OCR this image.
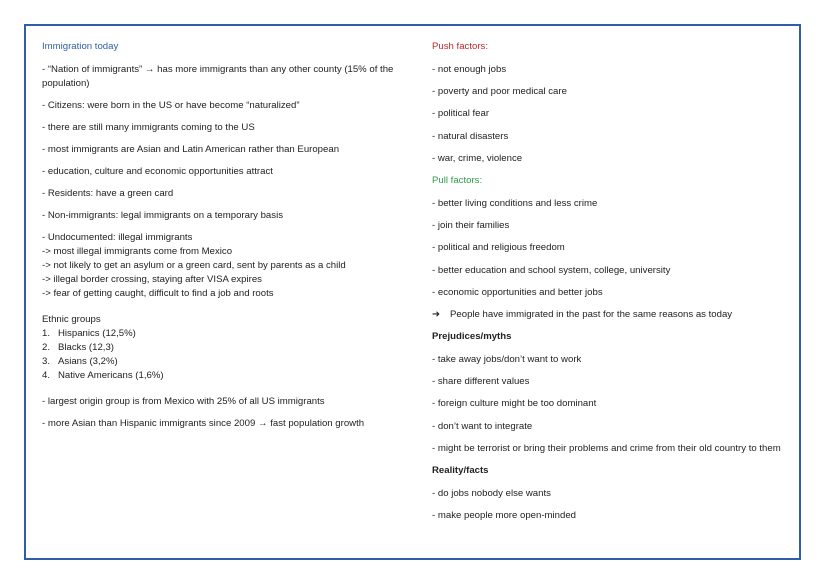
Immigration today
- “Nation of immigrants” → has more immigrants than any other county (15% of the population)
- Citizens: were born in the US or have become “naturalized”
- there are still many immigrants coming to the US
- most immigrants are Asian and Latin American rather than European
- education, culture and economic opportunities attract
- Residents: have a green card
- Non-immigrants: legal immigrants on a temporary basis
- Undocumented: illegal immigrants
-> most illegal immigrants come from Mexico
-> not likely to get an asylum or a green card, sent by parents as a child
-> illegal border crossing, staying after VISA expires
-> fear of getting caught, difficult to find a job and roots
Ethnic groups
1. Hispanics (12,5%)
2. Blacks (12,3)
3. Asians (3,2%)
4. Native Americans (1,6%)
- largest origin group is from Mexico with 25% of all US immigrants
- more Asian than Hispanic immigrants since 2009 → fast population growth
Push factors:
- not enough jobs
- poverty and poor medical care
- political fear
- natural disasters
- war, crime, violence
Pull factors:
- better living conditions and less crime
- join their families
- political and religious freedom
- better education and school system, college, university
- economic opportunities and better jobs
➔	People have immigrated in the past for the same reasons as today
Prejudices/myths
- take away jobs/don’t want to work
- share different values
- foreign culture might be too dominant
- don’t want to integrate
- might be terrorist or bring their problems and crime from their old country to them
Reality/facts
- do jobs nobody else wants
- make people more open-minded
